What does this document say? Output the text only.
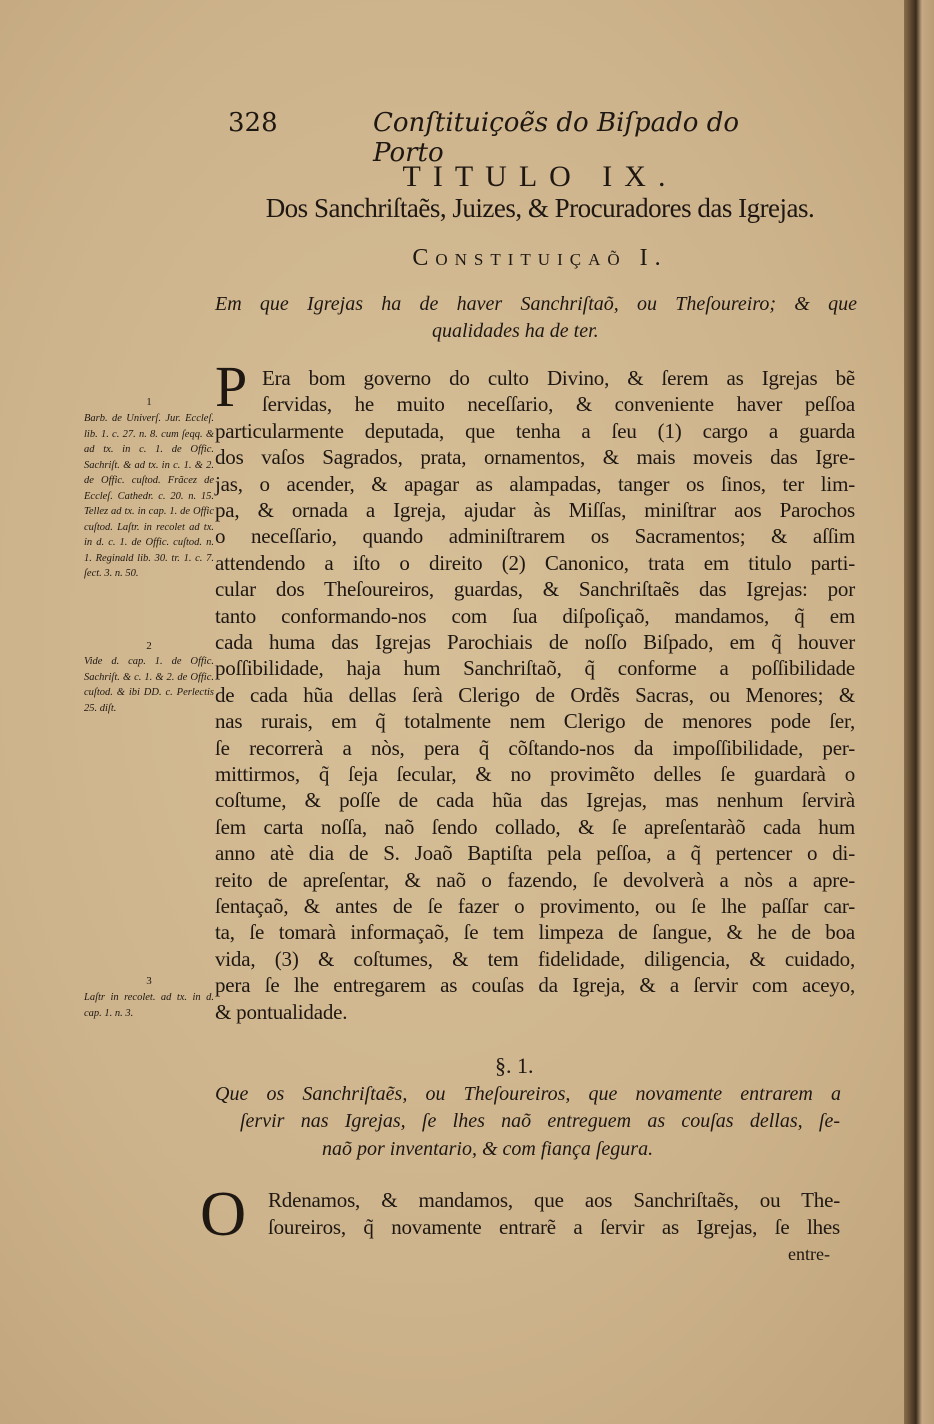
328	Conſtituiçoẽs do Biſpado do Porto
TITULO IX.
Dos Sanchriſtaẽs, Juizes, & Procuradores das Igrejas.
Constituiçaõ I.
Em que Igrejas ha de haver Sanchriſtaõ, ou Theſoureiro; & que
qualidades ha de ter.
P Era bom governo do culto Divino, & ſerem as Igrejas bẽ
ſervidas, he muito neceſſario, & conveniente haver peſſoa
particularmente deputada, que tenha a ſeu (1) cargo a guarda
dos vaſos Sagrados, prata, ornamentos, & mais moveis das Igre-
jas, o acender, & apagar as alampadas, tanger os ſinos, ter lim-
pa, & ornada a Igreja, ajudar às Miſſas, miniſtrar aos Parochos
o neceſſario, quando adminiſtrarem os Sacramentos; & aſſim
attendendo a iſto o direito (2) Canonico, trata em titulo parti-
cular dos Theſoureiros, guardas, & Sanchriſtaẽs das Igrejas: por
tanto conformando-nos com ſua diſpoſiçaõ, mandamos, q̃ em
cada huma das Igrejas Parochiais de noſſo Biſpado, em q̃ houver
poſſibilidade, haja hum Sanchriſtaõ, q̃ conforme a poſſibilidade
de cada hũa dellas ſerà Clerigo de Ordẽs Sacras, ou Menores; &
nas rurais, em q̃ totalmente nem Clerigo de menores pode ſer,
ſe recorrerà a nòs, pera q̃ cõſtando-nos da impoſſibilidade, per-
mittirmos, q̃ ſeja ſecular, & no provimẽto delles ſe guardarà o
coſtume, & poſſe de cada hũa das Igrejas, mas nenhum ſervirà
ſem carta noſſa, naõ ſendo collado, & ſe apreſentaràõ cada hum
anno atè dia de S. Joaõ Baptiſta pela peſſoa, a q̃ pertencer o di-
reito de apreſentar, & naõ o fazendo, ſe devolverà a nòs a apre-
ſentaçaõ, & antes de ſe fazer o provimento, ou ſe lhe paſſar car-
ta, ſe tomarà informaçaõ, ſe tem limpeza de ſangue, & he de boa
vida, (3) & coſtumes, & tem fidelidade, diligencia, & cuidado,
pera ſe lhe entregarem as couſas da Igreja, & a ſervir com aceyo,
& pontualidade.
§. 1.
Que os Sanchriſtaẽs, ou Theſoureiros, que novamente entrarem a
ſervir nas Igrejas, ſe lhes naõ entreguem as couſas dellas, ſe-
naõ por inventario, & com fiança ſegura.
O Rdenamos, & mandamos, que aos Sanchriſtaẽs, ou The-
ſoureiros, q̃ novamente entrarẽ a ſervir as Igrejas, ſe lhes
entre-
1
Barb. de Univerſ. Jur. Eccleſ. lib. 1. c. 27. n. 8. cum ſeqq. & ad tx. in c. 1. de Offic. Sachriſt. & ad tx. in c. 1. & 2. de Offic. cuſtod. Frãcez de Eccleſ. Cathedr. c. 20. n. 15. Tellez ad tx. in cap. 1. de Offic cuſtod. Laſtr. in recolet ad tx. in d. c. 1. de Offic. cuſtod. n. 1. Reginald lib. 30. tr. 1. c. 7. ſect. 3. n. 50.
2
Vide d. cap. 1. de Offic. Sachriſt. & c. 1. & 2. de Offic. cuſtod. & ibi DD. c. Perlectis 25. diſt.
3
Laſtr in recolet. ad tx. in d. cap. 1. n. 3.
